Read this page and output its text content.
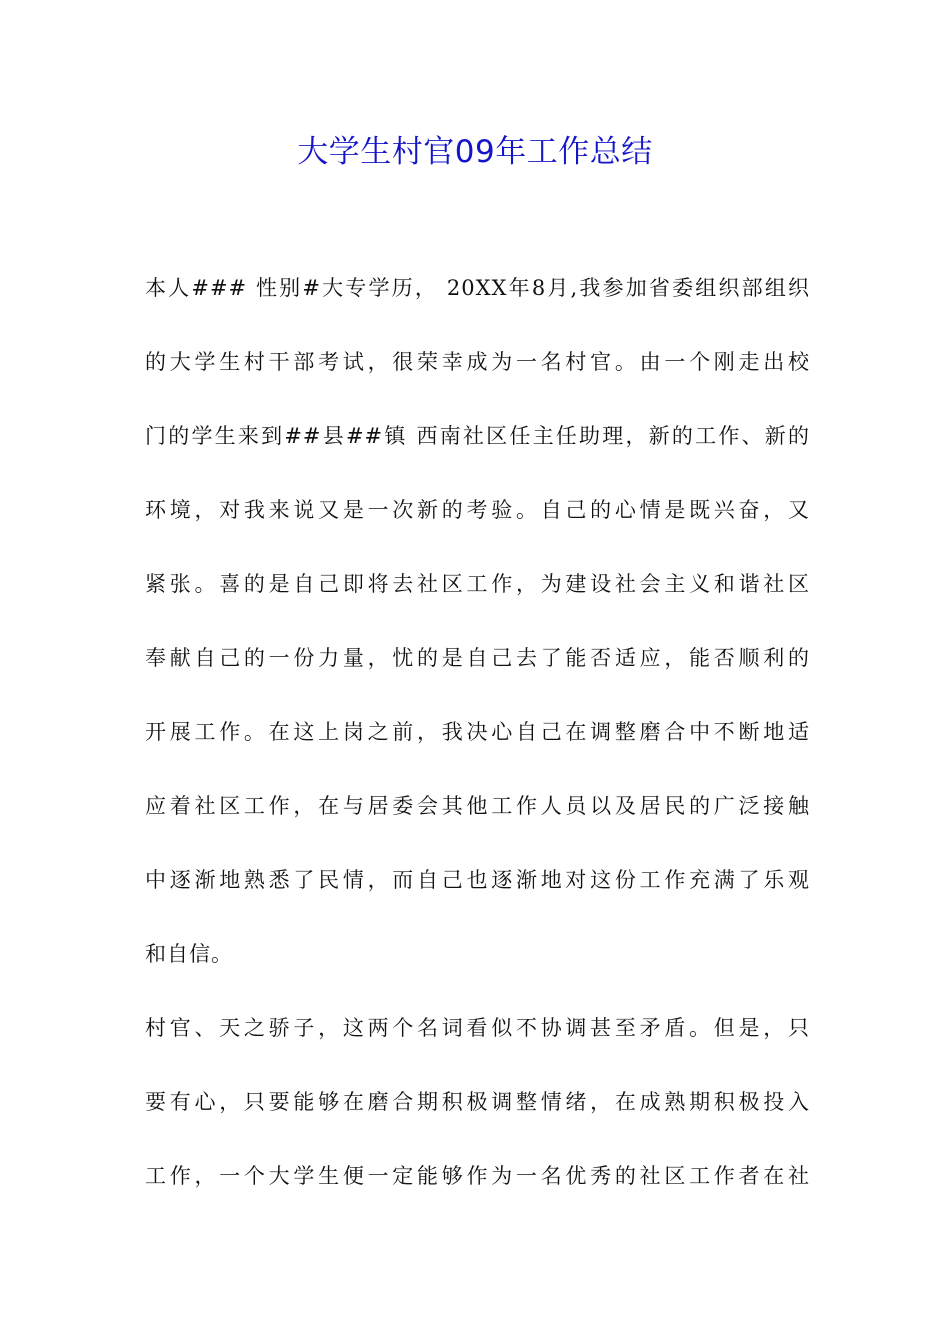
大学生村官09年工作总结
本人### 性别#大专学历， 20XX年8月,我参加省委组织部组织
的大学生村干部考试，很荣幸成为一名村官。由一个刚走出校
门的学生来到##县##镇 西南社区任主任助理，新的工作、新的
环境，对我来说又是一次新的考验。自己的心情是既兴奋，又
紧张。喜的是自己即将去社区工作，为建设社会主义和谐社区
奉献自己的一份力量，忧的是自己去了能否适应，能否顺利的
开展工作。在这上岗之前，我决心自己在调整磨合中不断地适
应着社区工作，在与居委会其他工作人员以及居民的广泛接触
中逐渐地熟悉了民情，而自己也逐渐地对这份工作充满了乐观
和自信。
村官、天之骄子，这两个名词看似不协调甚至矛盾。但是，只
要有心，只要能够在磨合期积极调整情绪，在成熟期积极投入
工作，一个大学生便一定能够作为一名优秀的社区工作者在社
